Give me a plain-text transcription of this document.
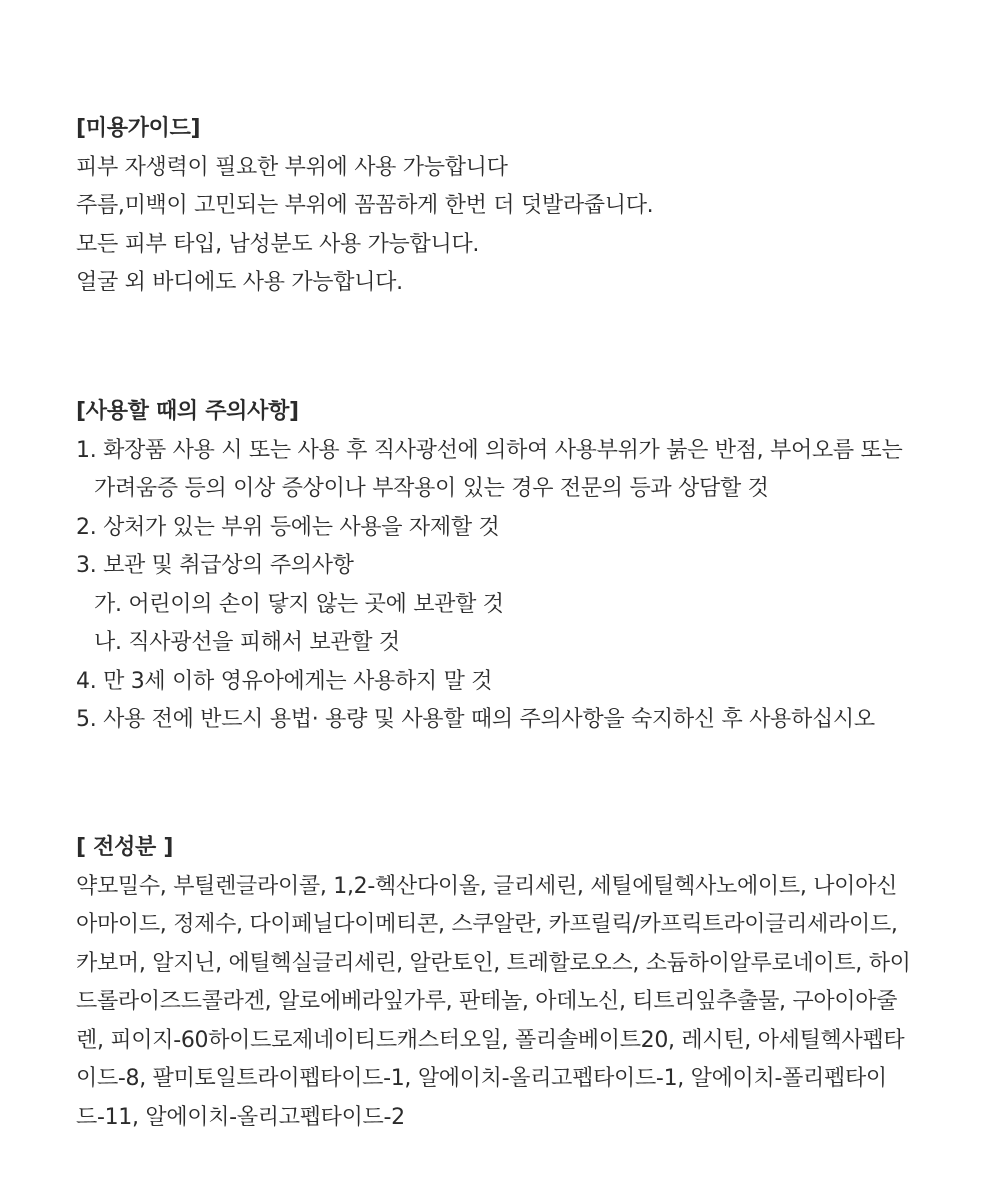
[미용가이드]

피부 자생력이 필요한 부위에 사용 가능합니다

주름,미백이 고민되는 부위에 꼼꼼하게 한번 더 덧발라줍니다.

모든 피부 타입, 남성분도 사용 가능합니다.

얼굴 외 바디에도 사용 가능합니다.

[사용할 때의 주의사항]

1. 화장품 사용 시 또는 사용 후 직사광선에 의하여 사용부위가 붉은 반점, 부어오름 또는

가려움증 등의 이상 증상이나 부작용이 있는 경우 전문의 등과 상담할 것

2. 상처가 있는 부위 등에는 사용을 자제할 것

3. 보관 및 취급상의 주의사항

가. 어린이의 손이 닿지 않는 곳에 보관할 것

나. 직사광선을 피해서 보관할 것

4. 만 3세 이하 영유아에게는 사용하지 말 것

5. 사용 전에 반드시 용법· 용량 및 사용할 때의 주의사항을 숙지하신 후 사용하십시오

[ 전성분 ]

약모밀수, 부틸렌글라이콜, 1,2-헥산다이올, 글리세린, 세틸에틸헥사노에이트, 나이아신

아마이드, 정제수, 다이페닐다이메티콘, 스쿠알란, 카프릴릭/카프릭트라이글리세라이드,

카보머, 알지닌, 에틸헥실글리세린, 알란토인, 트레할로오스, 소듐하이알루로네이트, 하이

드롤라이즈드콜라겐, 알로에베라잎가루, 판테놀, 아데노신, 티트리잎추출물, 구아이아줄

렌, 피이지-60하이드로제네이티드캐스터오일, 폴리솔베이트20, 레시틴, 아세틸헥사펩타

이드-8, 팔미토일트라이펩타이드-1, 알에이치-올리고펩타이드-1, 알에이치-폴리펩타이

드-11, 알에이치-올리고펩타이드-2
